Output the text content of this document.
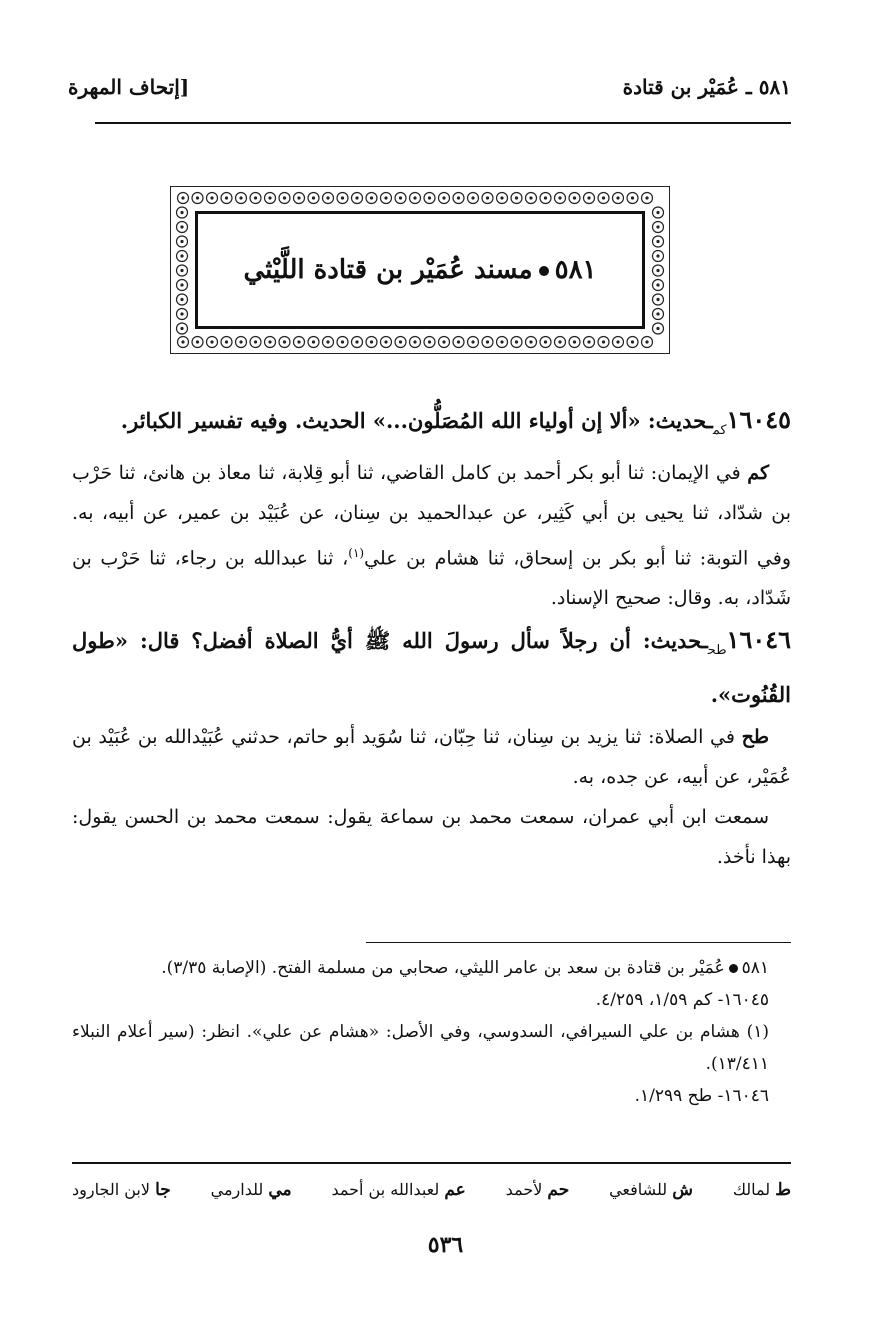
٥٨١ ـ عُمَيْر بن قتادة
[إتحاف المهرة
٥٨١مسند عُمَيْر بن قتادة اللَّيْثي

$١٦٠٤٥_{كم}ـحديث$: «ألا إن أولياء الله المُصَلُّون...» الحديث. وفيه تفسير الكبائر.

كم في الإيمان: ثنا أبو بكر أحمد بن كامل القاضي، ثنا أبو قِلابة، ثنا معاذ بن هانئ، ثنا حَرْب بن شدّاد، ثنا يحيى بن أبي كَثِير، عن عبدالحميد بن سِنان، عن عُبَيْد بن عمير، عن أبيه، به. وفي التوبة: ثنا أبو بكر بن إسحاق، ثنا هشام بن علي$^{(١)}$، ثنا عبدالله بن رجاء، ثنا حَرْب بن شَدّاد، به. وقال: صحيح الإسناد.

$١٦٠٤٦_{طح}ـحديث$: أن رجلاً سأل رسولَ الله ﷺ أيُّ الصلاة أفضل؟ قال: «طول القُنُوت».

طح في الصلاة: ثنا يزيد بن سِنان، ثنا حِبّان، ثنا سُوَيد أبو حاتم، حدثني عُبَيْدالله بن عُبَيْد بن عُمَيْر، عن أبيه، عن جده، به.

سمعت ابن أبي عمران، سمعت محمد بن سماعة يقول: سمعت محمد بن الحسن يقول: بهذا نأخذ.

٥٨١عُمَيْر بن قتادة بن سعد بن عامر الليثي، صحابي من مسلمة الفتح. (الإصابة ٣/٣٥).

١٦٠٤٥- كم ١/٥٩، ٤/٢٥٩.

(١) هشام بن علي السيرافي، السدوسي، وفي الأصل: «هشام عن علي». انظر: (سير أعلام النبلاء ١٣/٤١١).

١٦٠٤٦- طح ١/٢٩٩.

ط لمالك
ش للشافعي
حم لأحمد
عم لعبدالله بن أحمد
مي للدارمي
جا لابن الجارود
٥٣٦
